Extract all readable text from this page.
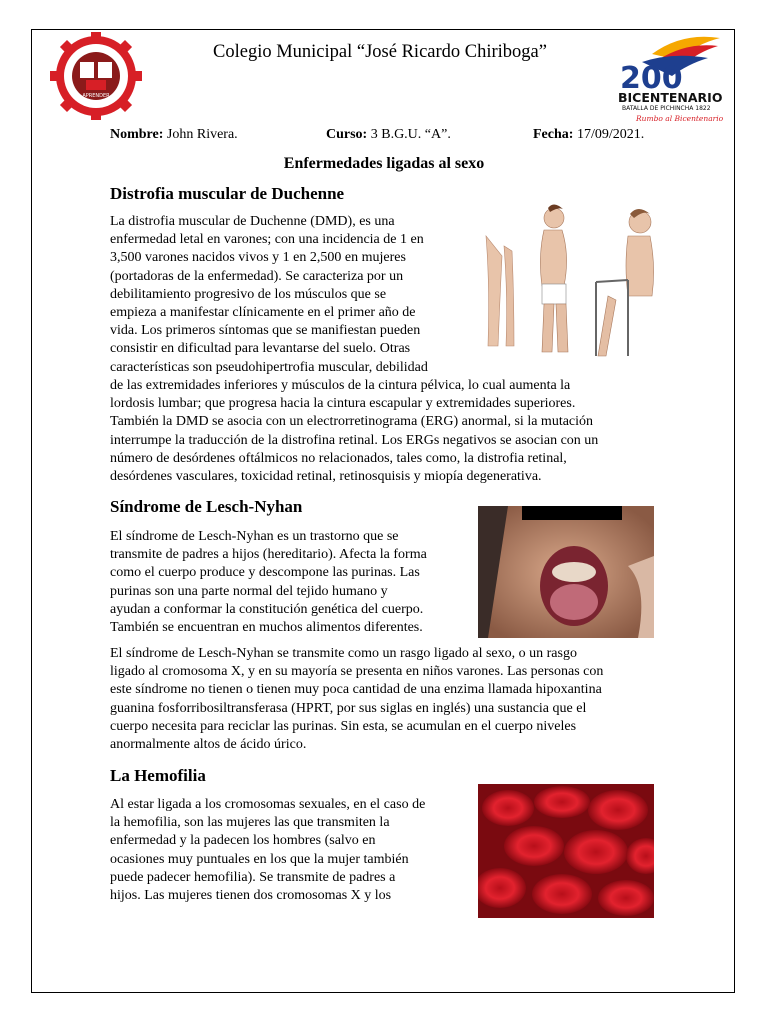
APRENDER
Colegio Municipal “José Ricardo Chiriboga”
200
BICENTENARIO
BATALLA DE PICHINCHA 1822
Rumbo al Bicentenario
Nombre: John Rivera.	Curso: 3 B.G.U. “A”.	Fecha: 17/09/2021.
Enfermedades ligadas al sexo
Distrofia muscular de Duchenne
La distrofia muscular de Duchenne (DMD), es una
enfermedad letal en varones; con una incidencia de 1 en
3,500 varones nacidos vivos y 1 en 2,500 en mujeres
(portadoras de la enfermedad). Se caracteriza por un
debilitamiento progresivo de los músculos que se
empieza a manifestar clínicamente en el primer año de
vida. Los primeros síntomas que se manifiestan pueden
consistir en dificultad para levantarse del suelo. Otras
características son pseudohipertrofia muscular, debilidad
de las extremidades inferiores y músculos de la cintura pélvica, lo cual aumenta la
lordosis lumbar; que progresa hacia la cintura escapular y extremidades superiores.
También la DMD se asocia con un electrorretinograma (ERG) anormal, si la mutación
interrumpe la traducción de la distrofina retinal. Los ERGs negativos se asocian con un
número de desórdenes oftálmicos no relacionados, tales como, la distrofia retinal,
desórdenes vasculares, toxicidad retinal, retinosquisis y miopía degenerativa.
Síndrome de Lesch-Nyhan
El síndrome de Lesch-Nyhan es un trastorno que se
transmite de padres a hijos (hereditario). Afecta la forma
como el cuerpo produce y descompone las purinas. Las
purinas son una parte normal del tejido humano y
ayudan a conformar la constitución genética del cuerpo.
También se encuentran en muchos alimentos diferentes.
El síndrome de Lesch-Nyhan se transmite como un rasgo ligado al sexo, o un rasgo
ligado al cromosoma X, y en su mayoría se presenta en niños varones. Las personas con
este síndrome no tienen o tienen muy poca cantidad de una enzima llamada hipoxantina
guanina fosforribosiltransferasa (HPRT, por sus siglas en inglés) una sustancia que el
cuerpo necesita para reciclar las purinas. Sin esta, se acumulan en el cuerpo niveles
anormalmente altos de ácido úrico.
La Hemofilia
Al estar ligada a los cromosomas sexuales, en el caso de
la hemofilia, son las mujeres las que transmiten la
enfermedad y la padecen los hombres (salvo en
ocasiones muy puntuales en los que la mujer también
puede padecer hemofilia). Se transmite de padres a
hijos. Las mujeres tienen dos cromosomas X y los
